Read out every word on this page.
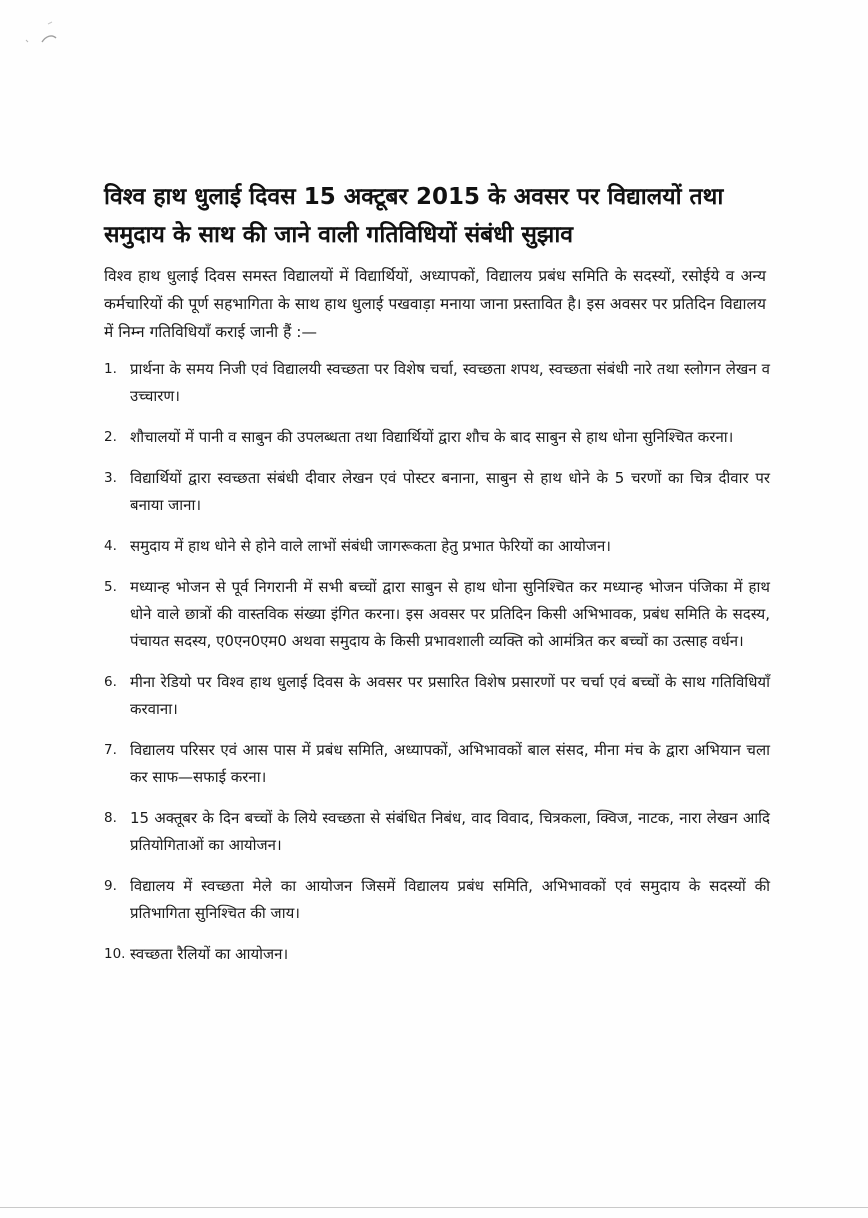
विश्व हाथ धुलाई दिवस 15 अक्टूबर 2015 के अवसर पर विद्यालयों तथा
समुदाय के साथ की जाने वाली गतिविधियों संबंधी सुझाव

विश्व हाथ धुलाई दिवस समस्त विद्यालयों में विद्यार्थियों, अध्यापकों, विद्यालय प्रबंध समिति के सदस्यों, रसोईये व अन्य कर्मचारियों की पूर्ण सहभागिता के साथ हाथ धुलाई पखवाड़ा मनाया जाना प्रस्तावित है। इस अवसर पर प्रतिदिन विद्यालय में निम्न गतिविधियाँ कराई जानी हैं :—

1. प्रार्थना के समय निजी एवं विद्यालयी स्वच्छता पर विशेष चर्चा, स्वच्छता शपथ, स्वच्छता संबंधी नारे तथा स्लोगन लेखन व उच्चारण।
2. शौचालयों में पानी व साबुन की उपलब्धता तथा विद्यार्थियों द्वारा शौच के बाद साबुन से हाथ धोना सुनिश्चित करना।
3. विद्यार्थियों द्वारा स्वच्छता संबंधी दीवार लेखन एवं पोस्टर बनाना, साबुन से हाथ धोने के 5 चरणों का चित्र दीवार पर बनाया जाना।
4. समुदाय में हाथ धोने से होने वाले लाभों संबंधी जागरूकता हेतु प्रभात फेरियों का आयोजन।
5. मध्यान्ह भोजन से पूर्व निगरानी में सभी बच्चों द्वारा साबुन से हाथ धोना सुनिश्चित कर मध्यान्ह भोजन पंजिका में हाथ धोने वाले छात्रों की वास्तविक संख्या इंगित करना। इस अवसर पर प्रतिदिन किसी अभिभावक, प्रबंध समिति के सदस्य, पंचायत सदस्य, ए0एन0एम0 अथवा समुदाय के किसी प्रभावशाली व्यक्ति को आमंत्रित कर बच्चों का उत्साह वर्धन।
6. मीना रेडियो पर विश्व हाथ धुलाई दिवस के अवसर पर प्रसारित विशेष प्रसारणों पर चर्चा एवं बच्चों के साथ गतिविधियाँ करवाना।
7. विद्यालय परिसर एवं आस पास में प्रबंध समिति, अध्यापकों, अभिभावकों बाल संसद, मीना मंच के द्वारा अभियान चला कर साफ—सफाई करना।
8. 15 अक्तूबर के दिन बच्चों के लिये स्वच्छता से संबंधित निबंध, वाद विवाद, चित्रकला, क्विज, नाटक, नारा लेखन आदि प्रतियोगिताओं का आयोजन।
9. विद्यालय में स्वच्छता मेले का आयोजन जिसमें विद्यालय प्रबंध समिति, अभिभावकों एवं समुदाय के सदस्यों की प्रतिभागिता सुनिश्चित की जाय।
10. स्वच्छता रैलियों का आयोजन।
